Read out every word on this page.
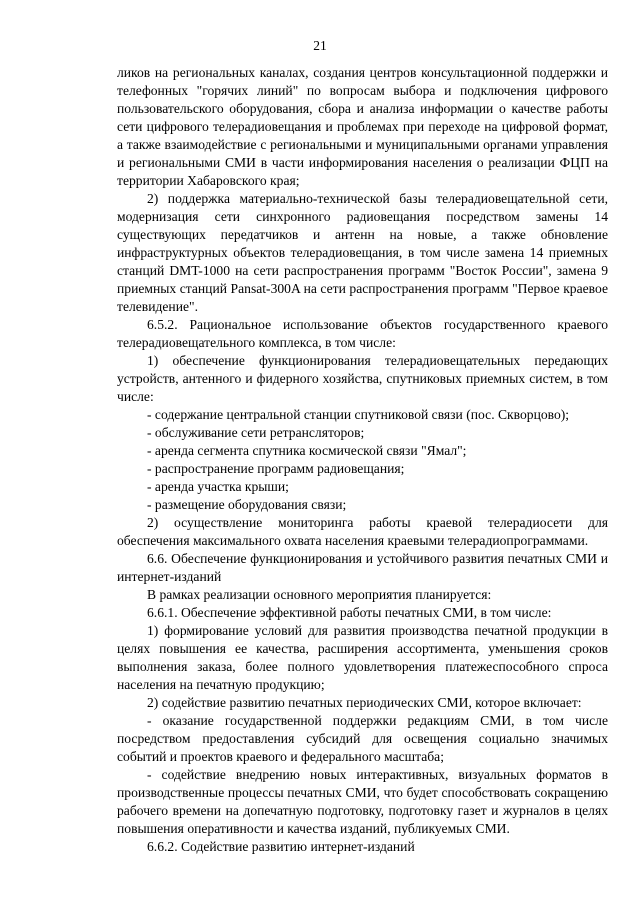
21

ликов на региональных каналах, создания центров консультационной поддержки и телефонных "горячих линий" по вопросам выбора и подключения цифрового пользовательского оборудования, сбора и анализа информации о качестве работы сети цифрового телерадиовещания и проблемах при переходе на цифровой формат, а также взаимодействие с региональными и муниципальными органами управления и региональными СМИ в части информирования населения о реализации ФЦП на территории Хабаровского края;

2) поддержка материально-технической базы телерадиовещательной сети, модернизация сети синхронного радиовещания посредством замены 14 существующих передатчиков и антенн на новые, а также обновление инфраструктурных объектов телерадиовещания, в том числе замена 14 приемных станций DMT-1000 на сети распространения программ "Восток России", замена 9 приемных станций Pansat-300A на сети распространения программ "Первое краевое телевидение".

6.5.2. Рациональное использование объектов государственного краевого телерадиовещательного комплекса, в том числе:

1) обеспечение функционирования телерадиовещательных передающих устройств, антенного и фидерного хозяйства, спутниковых приемных систем, в том числе:

- содержание центральной станции спутниковой связи (пос. Скворцово);

- обслуживание сети ретрансляторов;

- аренда сегмента спутника космической связи "Ямал";

- распространение программ радиовещания;

- аренда участка крыши;

- размещение оборудования связи;

2) осуществление мониторинга работы краевой телерадиосети для обеспечения максимального охвата населения краевыми телерадиопрограммами.

6.6. Обеспечение функционирования и устойчивого развития печатных СМИ и интернет-изданий

В рамках реализации основного мероприятия планируется:

6.6.1. Обеспечение эффективной работы печатных СМИ, в том числе:

1) формирование условий для развития производства печатной продукции в целях повышения ее качества, расширения ассортимента, уменьшения сроков выполнения заказа, более полного удовлетворения платежеспособного спроса населения на печатную продукцию;

2) содействие развитию печатных периодических СМИ, которое включает:

- оказание государственной поддержки редакциям СМИ, в том числе посредством предоставления субсидий для освещения социально значимых событий и проектов краевого и федерального масштаба;

- содействие внедрению новых интерактивных, визуальных форматов в производственные процессы печатных СМИ, что будет способствовать сокращению рабочего времени на допечатную подготовку, подготовку газет и журналов в целях повышения оперативности и качества изданий, публикуемых СМИ.

6.6.2. Содействие развитию интернет-изданий
